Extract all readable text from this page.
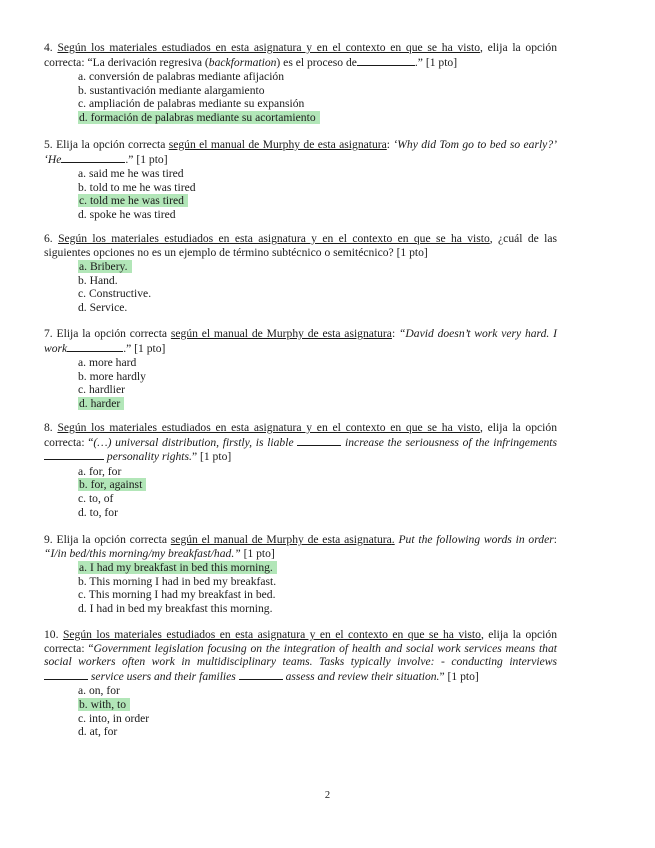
4. Según los materiales estudiados en esta asignatura y en el contexto en que se ha visto, elija la opción correcta: “La derivación regresiva (backformation) es el proceso de	.” [1 pto]
a. conversión de palabras mediante afijación
b. sustantivación mediante alargamiento
c. ampliación de palabras mediante su expansión
d. formación de palabras mediante su acortamiento
5. Elija la opción correcta según el manual de Murphy de esta asignatura: ‘Why did Tom go to bed so early?’ ‘He	.” [1 pto]
a. said me he was tired
b. told to me he was tired
c. told me he was tired
d. spoke he was tired
6. Según los materiales estudiados en esta asignatura y en el contexto en que se ha visto, ¿cuál de las siguientes opciones no es un ejemplo de término subtécnico o semitécnico? [1 pto]
a. Bribery.
b. Hand.
c. Constructive.
d. Service.
7. Elija la opción correcta según el manual de Murphy de esta asignatura: “David doesn’t work very hard. I work	.” [1 pto]
a. more hard
b. more hardly
c. hardlier
d. harder
8. Según los materiales estudiados en esta asignatura y en el contexto en que se ha visto, elija la opción correcta: “(…) universal distribution, firstly, is liable	increase the seriousness of the infringements personality rights.” [1 pto]
a. for, for
b. for, against
c. to, of
d. to, for
9. Elija la opción correcta según el manual de Murphy de esta asignatura. Put the following words in order: “I/in bed/this morning/my breakfast/had.” [1 pto]
a. I had my breakfast in bed this morning.
b. This morning I had in bed my breakfast.
c. This morning I had my breakfast in bed.
d. I had in bed my breakfast this morning.
10. Según los materiales estudiados en esta asignatura y en el contexto en que se ha visto, elija la opción correcta: “Government legislation focusing on the integration of health and social work services means that social workers often work in multidisciplinary teams. Tasks typically involve: - conducting interviews  service users and their families	assess and review their situation.” [1 pto]
a. on, for
b. with, to
c. into, in order
d. at, for
2
